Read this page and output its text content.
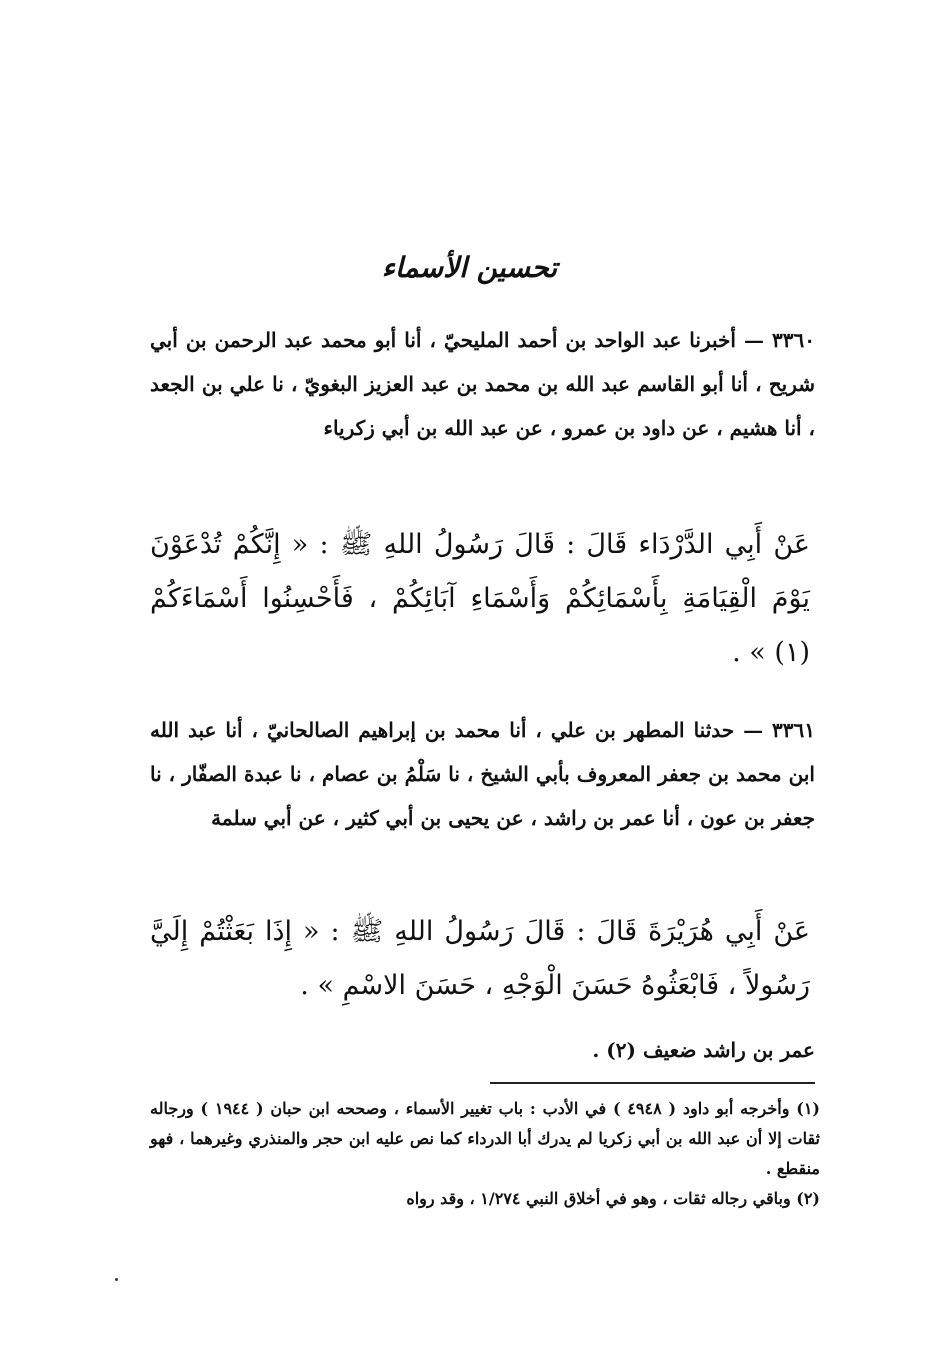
تحسين الأسماء
٣٣٦٠ — أخبرنا عبد الواحد بن أحمد المليحيّ ، أنا أبو محمد عبد الرحمن بن أبي شريح ، أنا أبو القاسم عبد الله بن محمد بن عبد العزيز البغويّ ، نا علي بن الجعد ، أنا هشيم ، عن داود بن عمرو ، عن عبد الله بن أبي زكرياء
عَنْ أَبِي الدَّرْدَاء قَالَ : قَالَ رَسُولُ اللهِ ﷺ : « إِنَّكُمْ تُدْعَوْنَ يَوْمَ الْقِيَامَةِ بِأَسْمَائِكُمْ وَأَسْمَاءِ آبَائِكُمْ ، فَأَحْسِنُوا أَسْمَاءَكُمْ (١) » .
٣٣٦١ — حدثنا المطهر بن علي ، أنا محمد بن إبراهيم الصالحانيّ ، أنا عبد الله ابن محمد بن جعفر المعروف بأبي الشيخ ، نا سَلْمُ بن عصام ، نا عبدة الصفّار ، نا جعفر بن عون ، أنا عمر بن راشد ، عن يحيى بن أبي كثير ، عن أبي سلمة
عَنْ أَبِي هُرَيْرَةَ قَالَ : قَالَ رَسُولُ اللهِ ﷺ : « إِذَا بَعَثْتُمْ إِلَيَّ رَسُولاً ، فَابْعَثُوهُ حَسَنَ الْوَجْهِ ، حَسَنَ الاسْمِ » .
عمر بن راشد ضعيف (٢) .

(١) وأخرجه أبو داود ( ٤٩٤٨ ) في الأدب : باب تغيير الأسماء ، وصححه ابن حبان ( ١٩٤٤ ) ورجاله ثقات إلا أن عبد الله بن أبي زكريا لم يدرك أبا الدرداء كما نص عليه ابن حجر والمنذري وغيرهما ، فهو منقطع .

(٢) وباقي رجاله ثقات ، وهو في أخلاق النبي ١/٢٧٤ ، وقد رواه
